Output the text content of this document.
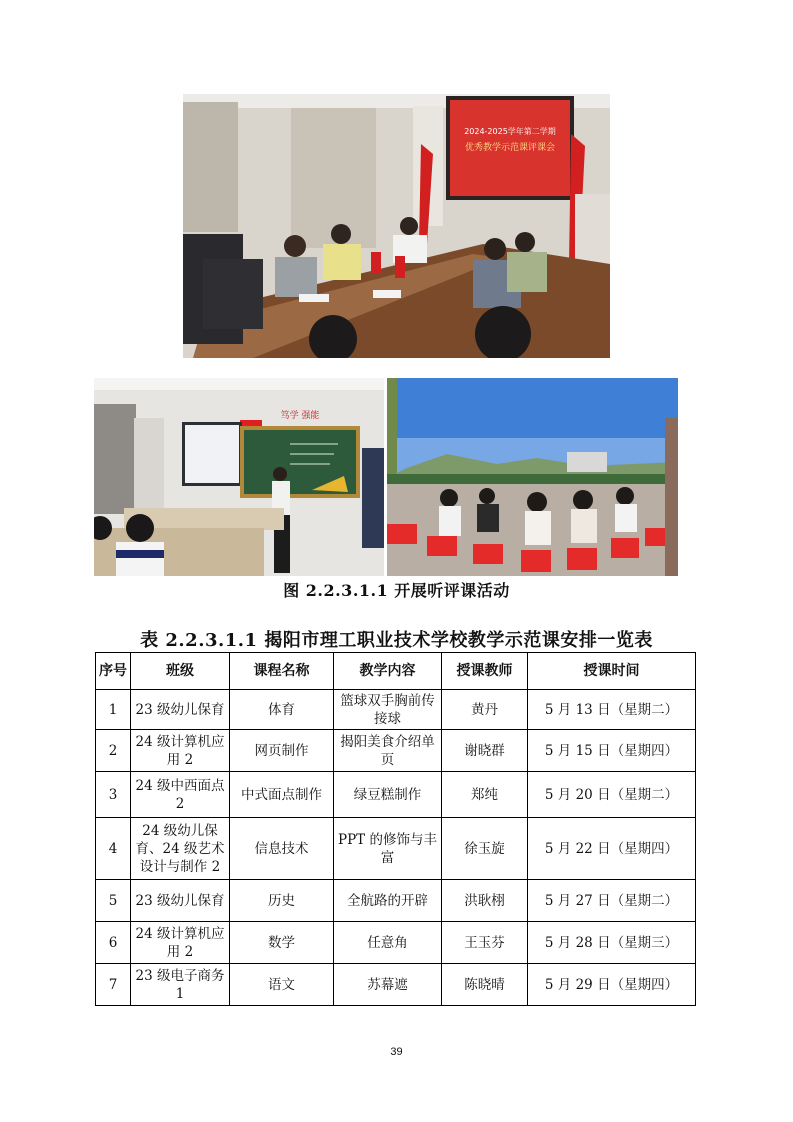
2024-2025学年第二学期
优秀教学示范课评课会
笃学 强能
图 2.2.3.1.1 开展听评课活动
表 2.2.3.1.1 揭阳市理工职业技术学校教学示范课安排一览表
序号	班级	课程名称	教学内容	授课教师	授课时间
1	23 级幼儿保育	体育	篮球双手胸前传接球	黄丹	5 月 13 日（星期二）
2	24 级计算机应用 2	网页制作	揭阳美食介绍单页	谢晓群	5 月 15 日（星期四）
3	24 级中西面点 2	中式面点制作	绿豆糕制作	郑纯	5 月 20 日（星期二）
4	24 级幼儿保育、24 级艺术设计与制作 2	信息技术	PPT 的修饰与丰富	徐玉旋	5 月 22 日（星期四）
5	23 级幼儿保育	历史	全航路的开辟	洪耿栩	5 月 27 日（星期二）
6	24 级计算机应用 2	数学	任意角	王玉芬	5 月 28 日（星期三）
7	23 级电子商务 1	语文	苏幕遮	陈晓晴	5 月 29 日（星期四）
39
